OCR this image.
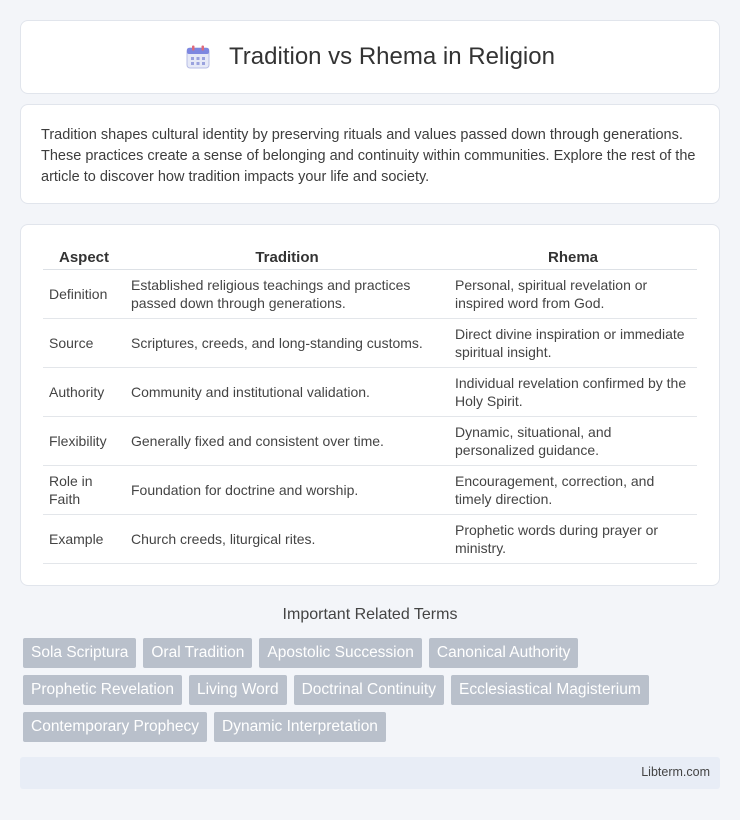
Tradition vs Rhema in Religion

Tradition shapes cultural identity by preserving rituals and values passed down through generations. These practices create a sense of belonging and continuity within communities. Explore the rest of the article to discover how tradition impacts your life and society.

Aspect	Tradition	Rhema
Definition	Established religious teachings and practices passed down through generations.	Personal, spiritual revelation or inspired word from God.
Source	Scriptures, creeds, and long-standing customs.	Direct divine inspiration or immediate spiritual insight.
Authority	Community and institutional validation.	Individual revelation confirmed by the Holy Spirit.
Flexibility	Generally fixed and consistent over time.	Dynamic, situational, and personalized guidance.
Role in Faith	Foundation for doctrine and worship.	Encouragement, correction, and timely direction.
Example	Church creeds, liturgical rites.	Prophetic words during prayer or ministry.
Important Related Terms
Sola Scriptura	Oral Tradition	Apostolic Succession	Canonical Authority
Prophetic Revelation	Living Word	Doctrinal Continuity	Ecclesiastical Magisterium
Contemporary Prophecy	Dynamic Interpretation
Libterm.com
